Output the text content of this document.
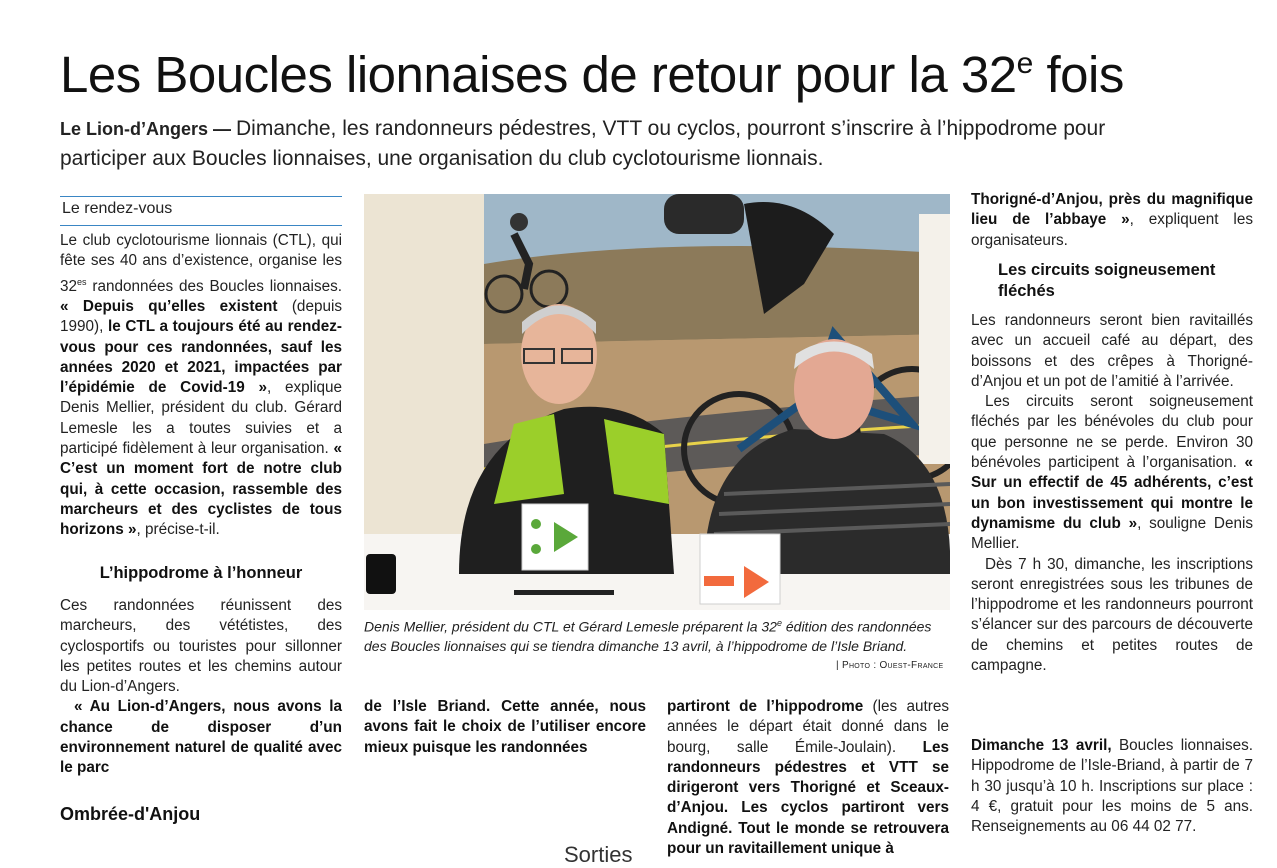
Les Boucles lionnaises de retour pour la 32e fois
Le Lion-d’Angers — Dimanche, les randonneurs pédestres, VTT ou cyclos, pourront s’inscrire à l’hippodrome pour participer aux Boucles lionnaises, une organisation du club cyclotourisme lionnais.
Le rendez-vous

Le club cyclotourisme lionnais (CTL), qui fête ses 40 ans d’existence, organise les $32^{es}$ randonnées des Boucles lionnaises. « Depuis qu’elles existent (depuis 1990), le CTL a toujours été au rendez-vous pour ces randonnées, sauf les années 2020 et 2021, impactées par l’épidémie de Covid-19 », explique Denis Mellier, président du club. Gérard Lemesle les a toutes suivies et a participé fidèlement à leur organisation. « C’est un moment fort de notre club qui, à cette occasion, rassemble des marcheurs et des cyclistes de tous horizons », précise-t-il.

L’hippodrome à l’honneur

Ces randonnées réunissent des marcheurs, des vététistes, des cyclosportifs ou touristes pour sillonner les petites routes et les chemins autour du Lion-d’Angers.

« Au Lion-d’Angers, nous avons la chance de disposer d’un environnement naturel de qualité avec le parc

Denis Mellier, président du CTL et Gérard Lemesle préparent la 32e édition des randonnées des Boucles lionnaises qui se tiendra dimanche 13 avril, à l’hippodrome de l’Isle Briand.
| Photo : Ouest-France
de l’Isle Briand. Cette année, nous avons fait le choix de l’utiliser encore mieux puisque les randonnées

partiront de l’hippodrome (les autres années le départ était donné dans le bourg, salle Émile-Joulain). Les randonneurs pédestres et VTT se dirigeront vers Thorigné et Sceaux-d’Anjou. Les cyclos partiront vers Andigné. Tout le monde se retrouvera pour un ravitaillement unique à

Thorigné-d’Anjou, près du magnifique lieu de l’abbaye », expliquent les organisateurs.

Les circuits soigneusement fléchés

Les randonneurs seront bien ravitaillés avec un accueil café au départ, des boissons et des crêpes à Thorigné-d’Anjou et un pot de l’amitié à l’arrivée.

Les circuits seront soigneusement fléchés par les bénévoles du club pour que personne ne se perde. Environ 30 bénévoles participent à l’organisation. « Sur un effectif de 45 adhérents, c’est un bon investissement qui montre le dynamisme du club », souligne Denis Mellier.

Dès 7 h 30, dimanche, les inscriptions seront enregistrées sous les tribunes de l’hippodrome et les randonneurs pourront s’élancer sur des parcours de découverte de chemins et petites routes de campagne.

Dimanche 13 avril, Boucles lionnaises. Hippodrome de l’Isle-Briand, à partir de 7 h 30 jusqu’à 10 h. Inscriptions sur place : 4 €, gratuit pour les moins de 5 ans. Renseignements au 06 44 02 77.

Ombrée-d'Anjou
Sorties
